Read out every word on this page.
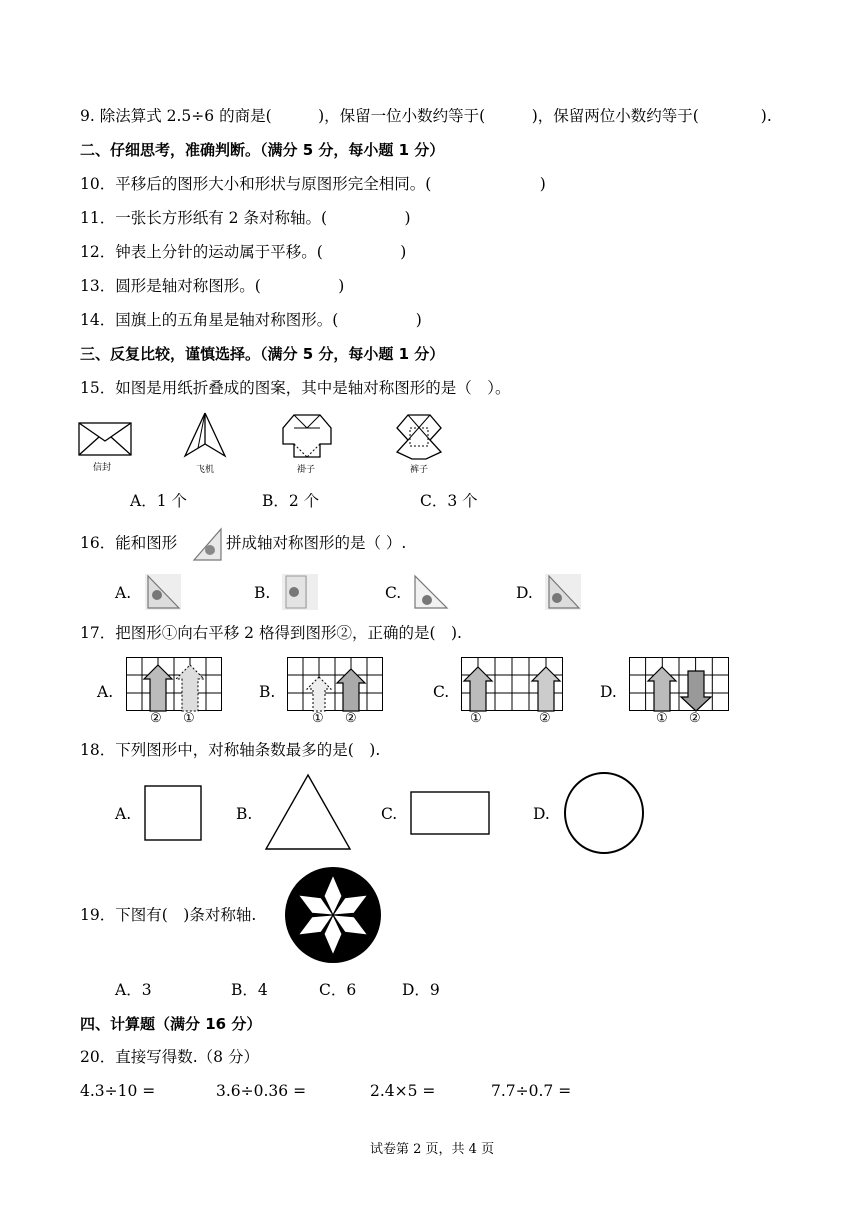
9. 除法算式 2.5÷6 的商是(　　　)，保留一位小数约等于(　　　)，保留两位小数约等于(　　　　).
二、仔细思考，准确判断。（满分 5 分，每小题 1 分）
10．平移后的图形大小和形状与原图形完全相同。(　　　　　　　)
11．一张长方形纸有 2 条对称轴。(　　　　　)
12．钟表上分针的运动属于平移。(　　　　　)
13．圆形是轴对称图形。(　　　　　)
14．国旗上的五角星是轴对称图形。(　　　　　)
三、反复比较，谨慎选择。（满分 5 分，每小题 1 分）
15．如图是用纸折叠成的图案，其中是轴对称图形的是（　）。
信封	飞机	褂子	裤子
A．1 个	B．2 个	C．3 个
16．能和图形	拼成轴对称图形的是（ ）.
A.	B.	C.	D.
17．把图形①向右平移 2 格得到图形②，正确的是(　).
A.
② ①
B.
① ②
C.
①	②
D.
① ②
18．下列图形中，对称轴条数最多的是(　).
A.	B.	C.	D.
19．下图有(　)条对称轴.
A．3	B．4	C．6	D．9
四、计算题（满分 16 分）
20．直接写得数.（8 分）
4.3÷10 =	3.6÷0.36 =	2.4×5 =	7.7÷0.7 =
试卷第 2 页，共 4 页
